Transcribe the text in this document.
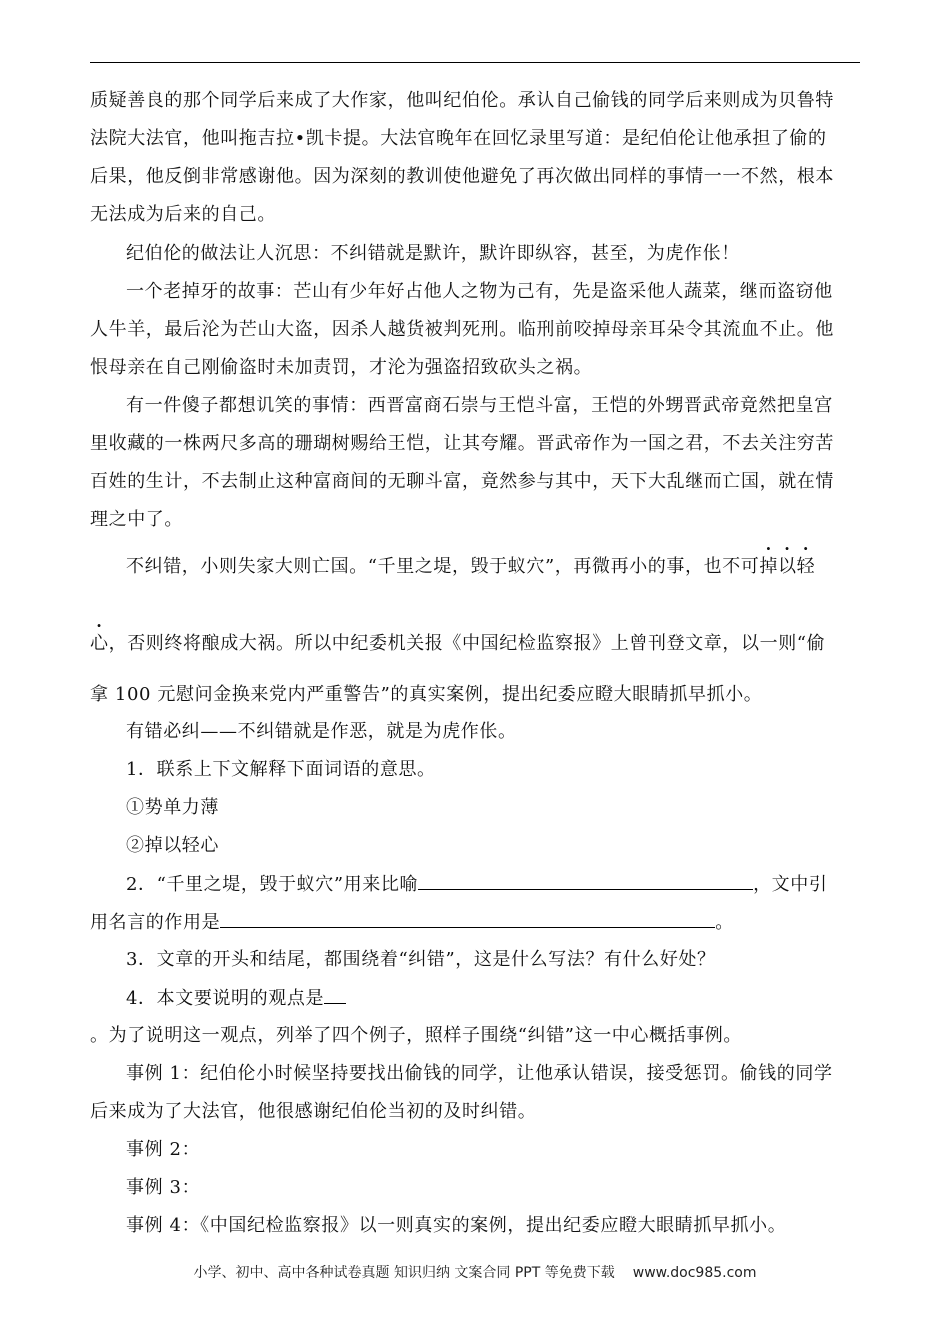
质疑善良的那个同学后来成了大作家，他叫纪伯伦。承认自己偷钱的同学后来则成为贝鲁特
法院大法官，他叫拖吉拉•凯卡提。大法官晚年在回忆录里写道：是纪伯伦让他承担了偷的
后果，他反倒非常感谢他。因为深刻的教训使他避免了再次做出同样的事情一一不然，根本
无法成为后来的自己。
纪伯伦的做法让人沉思：不纠错就是默许，默许即纵容，甚至，为虎作伥！
一个老掉牙的故事：芒山有少年好占他人之物为己有，先是盗采他人蔬菜，继而盗窃他
人牛羊，最后沦为芒山大盗，因杀人越货被判死刑。临刑前咬掉母亲耳朵令其流血不止。他
恨母亲在自己刚偷盗时未加责罚，才沦为强盗招致砍头之祸。
有一件傻子都想讥笑的事情：西晋富商石崇与王恺斗富，王恺的外甥晋武帝竟然把皇宫
里收藏的一株两尺多高的珊瑚树赐给王恺，让其夸耀。晋武帝作为一国之君，不去关注穷苦
百姓的生计，不去制止这种富商间的无聊斗富，竟然参与其中，天下大乱继而亡国，就在情
理之中了。
不纠错，小则失家大则亡国。“千里之堤，毁于蚁穴”，再微再小的事，也不可掉以轻
心，否则终将酿成大祸。所以中纪委机关报《中国纪检监察报》上曾刊登文章，以一则“偷
拿 100 元慰问金换来党内严重警告”的真实案例，提出纪委应瞪大眼睛抓早抓小。
有错必纠——不纠错就是作恶，就是为虎作伥。
1．联系上下文解释下面词语的意思。
①势单力薄
②掉以轻心
2．“千里之堤，毁于蚁穴”用来比喻	，文中引
用名言的作用是	。
3．文章的开头和结尾，都围绕着“纠错”，这是什么写法？有什么好处？
4．本文要说明的观点是
。为了说明这一观点，列举了四个例子，照样子围绕“纠错”这一中心概括事例。
事例 1：纪伯伦小时候坚持要找出偷钱的同学，让他承认错误，接受惩罚。偷钱的同学
后来成为了大法官，他很感谢纪伯伦当初的及时纠错。
事例 2：
事例 3：
事例 4：《中国纪检监察报》以一则真实的案例，提出纪委应瞪大眼睛抓早抓小。
小学、初中、高中各种试卷真题 知识归纳 文案合同 PPT 等免费下载 www.doc985.com
